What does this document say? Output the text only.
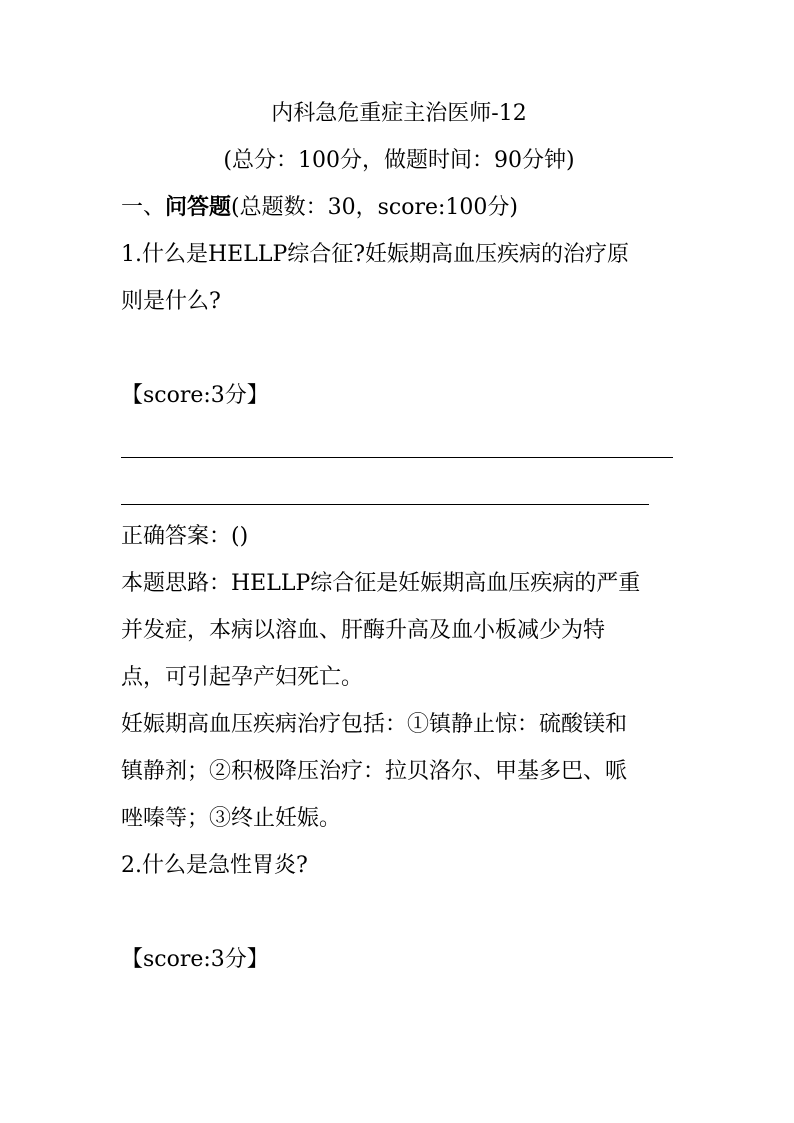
内科急危重症主治医师-12
(总分：100分，做题时间：90分钟)
一、问答题(总题数：30，score:100分)
1.什么是HELLP综合征?妊娠期高血压疾病的治疗原
则是什么?
【score:3分】
正确答案：()
本题思路：HELLP综合征是妊娠期高血压疾病的严重
并发症，本病以溶血、肝酶升高及血小板减少为特
点，可引起孕产妇死亡。
妊娠期高血压疾病治疗包括：①镇静止惊：硫酸镁和
镇静剂；②积极降压治疗：拉贝洛尔、甲基多巴、哌
唑嗪等；③终止妊娠。
2.什么是急性胃炎?
【score:3分】
